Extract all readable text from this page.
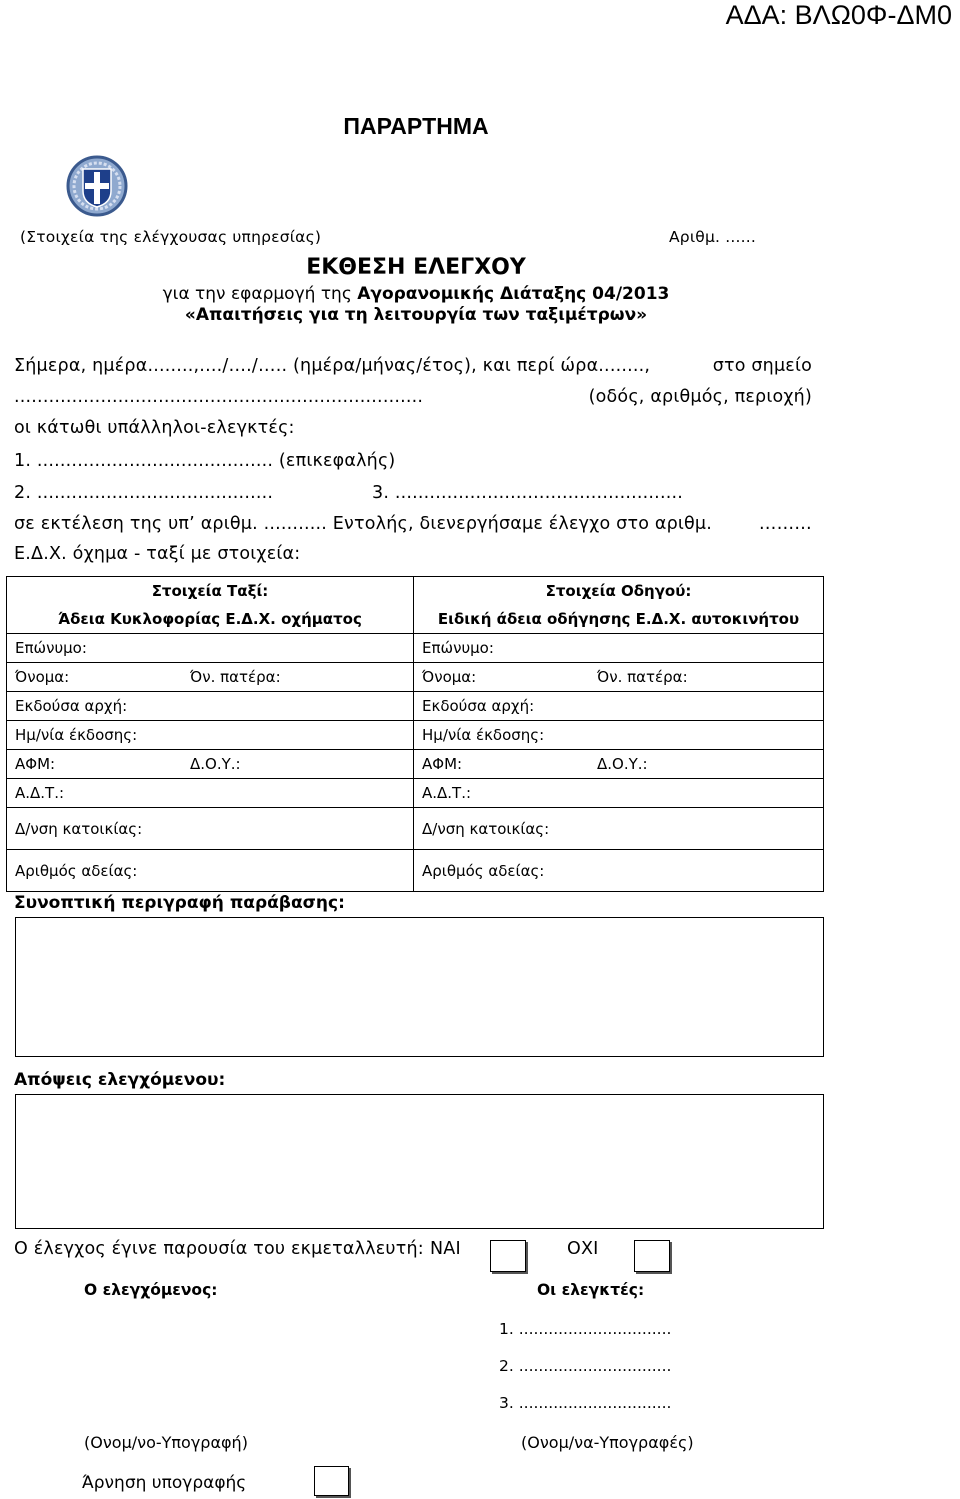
ΑΔΑ: ΒΛΩ0Φ-ΔΜ0
ΠΑΡΑΡΤΗΜΑ
(Στοιχεία της ελέγχουσας υπηρεσίας)	Αριθμ. ......
ΕΚΘΕΣΗ ΕΛΕΓΧΟΥ
για την εφαρμογή της Αγορανομικής Διάταξης 04/2013
«Απαιτήσεις για τη λειτουργία των ταξιμέτρων»
Σήμερα, ημέρα........,..../…./….. (ημέρα/μήνας/έτος), και περί ώρα........,	στο σημείο
.......................................................................	(οδός, αριθμός, περιοχή)
οι κάτωθι υπάλληλοι-ελεγκτές:
1. ......................................... (επικεφαλής)
2. .........................................	3. ..................................................
σε εκτέλεση της υπ’ αριθμ. ........... Εντολής, διενεργήσαμε έλεγχο στο αριθμ.	………
Ε.Δ.Χ. όχημα - ταξί με στοιχεία:
Στοιχεία Ταξί:	Στοιχεία Οδηγού:
Άδεια Κυκλοφορίας Ε.Δ.Χ. οχήματος	Ειδική άδεια οδήγησης Ε.Δ.Χ. αυτοκινήτου
Επώνυμο:	Επώνυμο:

Όνομα: Όν. πατέρα:	Όνομα: Όν. πατέρα:

Εκδούσα αρχή:	Εκδούσα αρχή:
Ημ/νία έκδοσης:	Ημ/νία έκδοσης:

ΑΦΜ: Δ.Ο.Υ.:	ΑΦΜ: Δ.Ο.Υ.:

Α.Δ.Τ.:	Α.Δ.Τ.:
Δ/νση κατοικίας:	Δ/νση κατοικίας:
Αριθμός αδείας:	Αριθμός αδείας:
Συνοπτική περιγραφή παράβασης:
Απόψεις ελεγχόμενου:
Ο έλεγχος έγινε παρουσία του εκμεταλλευτή: ΝΑΙ	ΟΧΙ
Ο ελεγχόμενος:	Οι ελεγκτές:
1. ...............................
2. ...............................
3. ...............................
(Ονομ/νο-Υπογραφή)	(Ονομ/να-Υπογραφές)
Άρνηση υπογραφής
